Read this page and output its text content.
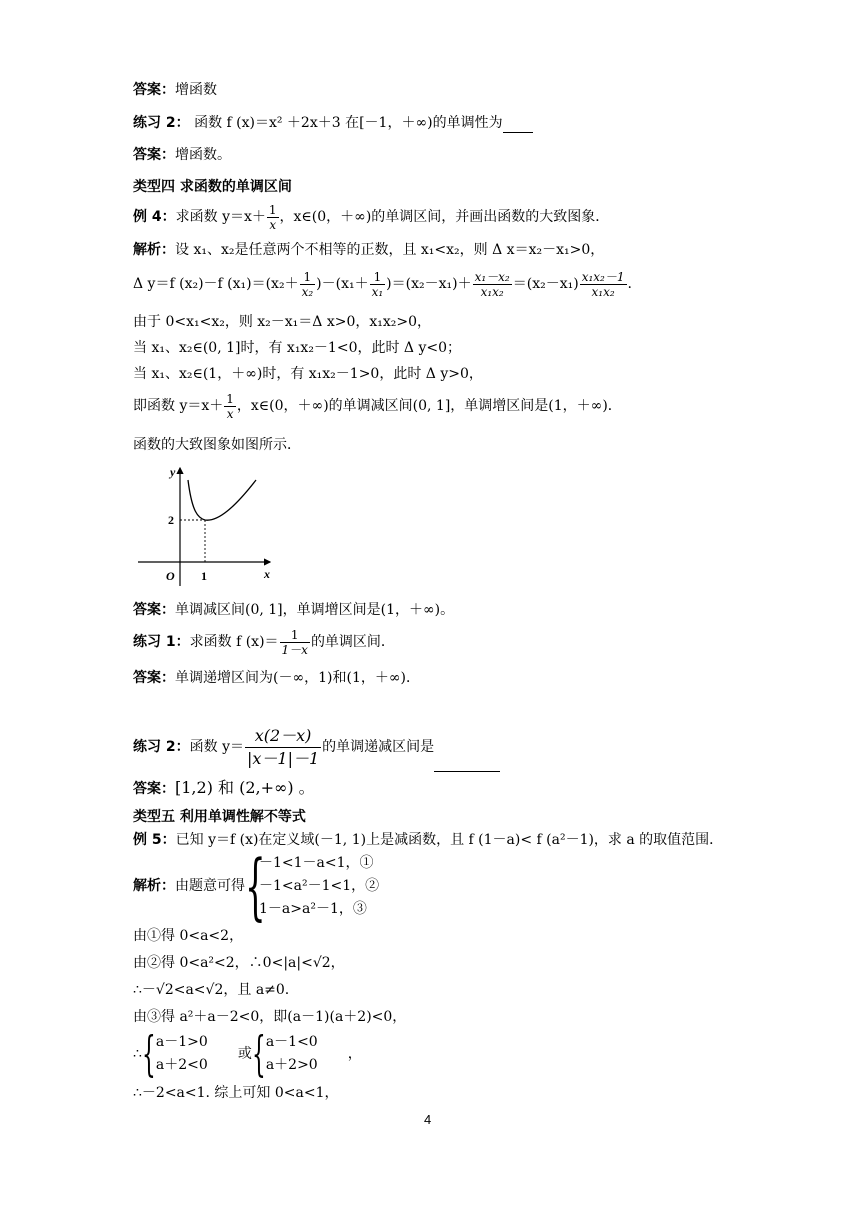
答案：增函数
练习 2： 函数 f (x)＝x² ＋2x＋3 在[－1，＋∞)的单调性为
答案：增函数。
类型四 求函数的单调区间
例 4：求函数 $y=x+ \frac{1}{x}$ ，x∈(0，＋∞)的单调区间，并画出函数的大致图象．
解析：设 x₁、x₂是任意两个不相等的正数，且 x₁<x₂，则 Δ x＝x₂－x₁>0，
Δ y＝f (x₂)－f $(x_1)=(x_2+ \frac{1}{\text{x₂}} )-(x_1+ \frac{1}{\text{x₁}} )=(x_2-x_1)+ \frac{\text{x₁－x₂}}{\text{x₁x₂}} =(x_2-x_1) \frac{\text{x₁x₂－1}}{\text{x₁x₂}}$ .
由于 0<x₁<x₂，则 x₂－x₁＝Δ x>0，x₁x₂>0，
当 x₁、x₂∈(0, 1]时，有 x₁x₂－1<0，此时 Δ y<0；
当 x₁、x₂∈(1，＋∞)时，有 x₁x₂－1>0，此时 Δ y>0，
即函数 $y=x+ \frac{1}{x}$ ，x∈(0，＋∞)的单调减区间(0, 1]，单调增区间是(1，＋∞)．
函数的大致图象如图所示．
y
x
O 1
2
答案：单调减区间(0, 1]，单调增区间是(1，＋∞)。
练习 1：求函数 f $(x)= \frac{1}{1-x}$ 的单调区间．
答案：单调递增区间为(－∞，1)和(1，＋∞)．
练习 2：函数 $y= \frac{x(2-x)}{|x-1|-1}$ 的单调递减区间是
答案：[1,2) 和 (2,+∞) 。
类型五 利用单调性解不等式
例 5：已知 y＝f (x)在定义域(－1, 1)上是减函数，且 f (1－a)< f (a²－1)，求 a 的取值范围．
解析：由题意可得{
－1<1－a<1，①
－1<a²－1<1，②
1－a>a²－1，③
由①得 0<a<2，
由②得 0<a²<2，∴0<|a|<√2，
∴－√2<a<√2，且 a≠0.
由③得 a²＋a－2<0，即(a－1)(a＋2)<0，
∴{ a－1>0
a＋2<0
或{ a－1<0
a＋2>0
，
∴－2<a<1. 综上可知 0<a<1，
4
